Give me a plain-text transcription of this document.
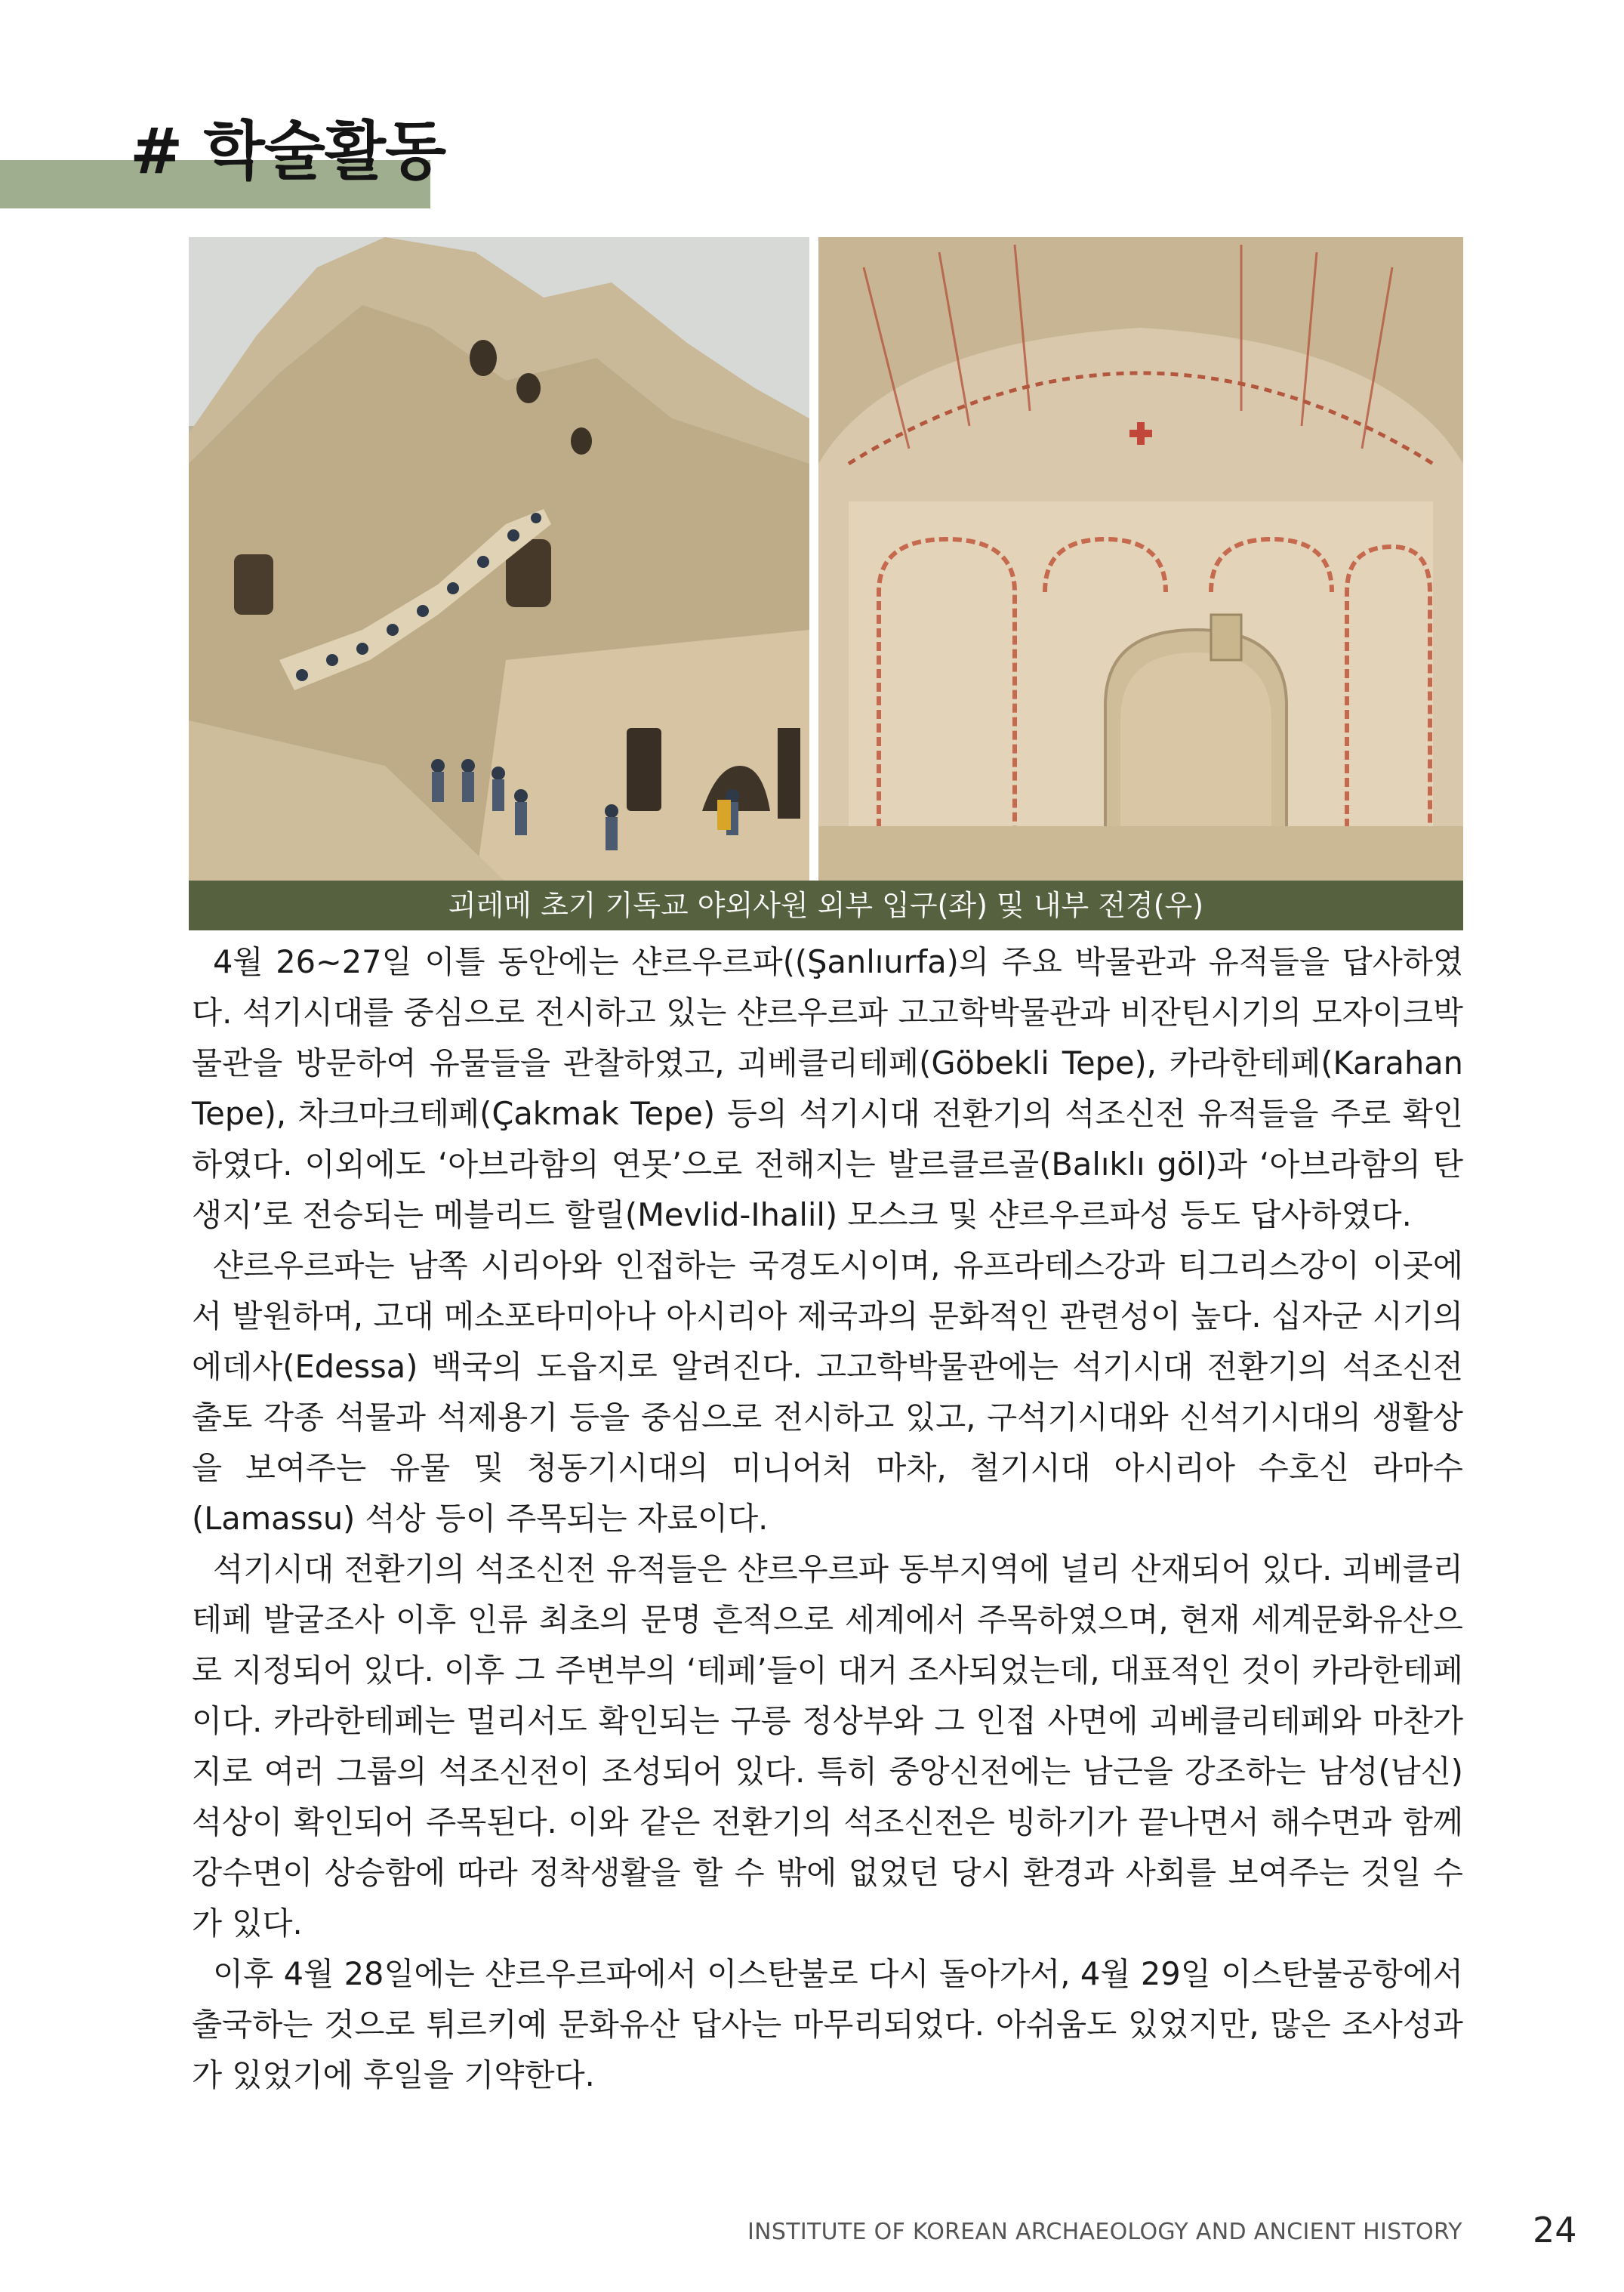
# 학술활동
괴레메 초기 기독교 야외사원 외부 입구(좌) 및 내부 전경(우)

4월 26~27일 이틀 동안에는 샨르우르파((Şanlıurfa)의 주요 박물관과 유적들을 답사하였다. 석기시대를 중심으로 전시하고 있는 샨르우르파 고고학박물관과 비잔틴시기의 모자이크박물관을 방문하여 유물들을 관찰하였고, 괴베클리테페(Göbekli Tepe), 카라한테페(Karahan Tepe), 차크마크테페(Çakmak Tepe) 등의 석기시대 전환기의 석조신전 유적들을 주로 확인하였다. 이외에도 ‘아브라함의 연못’으로 전해지는 발르클르골(Balıklı göl)과 ‘아브라함의 탄생지’로 전승되는 메블리드 할릴(Mevlid-Ihalil) 모스크 및 샨르우르파성 등도 답사하였다.

샨르우르파는 남쪽 시리아와 인접하는 국경도시이며, 유프라테스강과 티그리스강이 이곳에서 발원하며, 고대 메소포타미아나 아시리아 제국과의 문화적인 관련성이 높다. 십자군 시기의 에데사(Edessa) 백국의 도읍지로 알려진다. 고고학박물관에는 석기시대 전환기의 석조신전 출토 각종 석물과 석제용기 등을 중심으로 전시하고 있고, 구석기시대와 신석기시대의 생활상을 보여주는 유물 및 청동기시대의 미니어처 마차, 철기시대 아시리아 수호신 라마수(Lamassu) 석상 등이 주목되는 자료이다.

석기시대 전환기의 석조신전 유적들은 샨르우르파 동부지역에 널리 산재되어 있다. 괴베클리테페 발굴조사 이후 인류 최초의 문명 흔적으로 세계에서 주목하였으며, 현재 세계문화유산으로 지정되어 있다. 이후 그 주변부의 ‘테페’들이 대거 조사되었는데, 대표적인 것이 카라한테페이다. 카라한테페는 멀리서도 확인되는 구릉 정상부와 그 인접 사면에 괴베클리테페와 마찬가지로 여러 그룹의 석조신전이 조성되어 있다. 특히 중앙신전에는 남근을 강조하는 남성(남신) 석상이 확인되어 주목된다. 이와 같은 전환기의 석조신전은 빙하기가 끝나면서 해수면과 함께 강수면이 상승함에 따라 정착생활을 할 수 밖에 없었던 당시 환경과 사회를 보여주는 것일 수가 있다.

이후 4월 28일에는 샨르우르파에서 이스탄불로 다시 돌아가서, 4월 29일 이스탄불공항에서 출국하는 것으로 튀르키예 문화유산 답사는 마무리되었다. 아쉬움도 있었지만, 많은 조사성과가 있었기에 후일을 기약한다.

INSTITUTE OF KOREAN ARCHAEOLOGY AND ANCIENT HISTORY 24
